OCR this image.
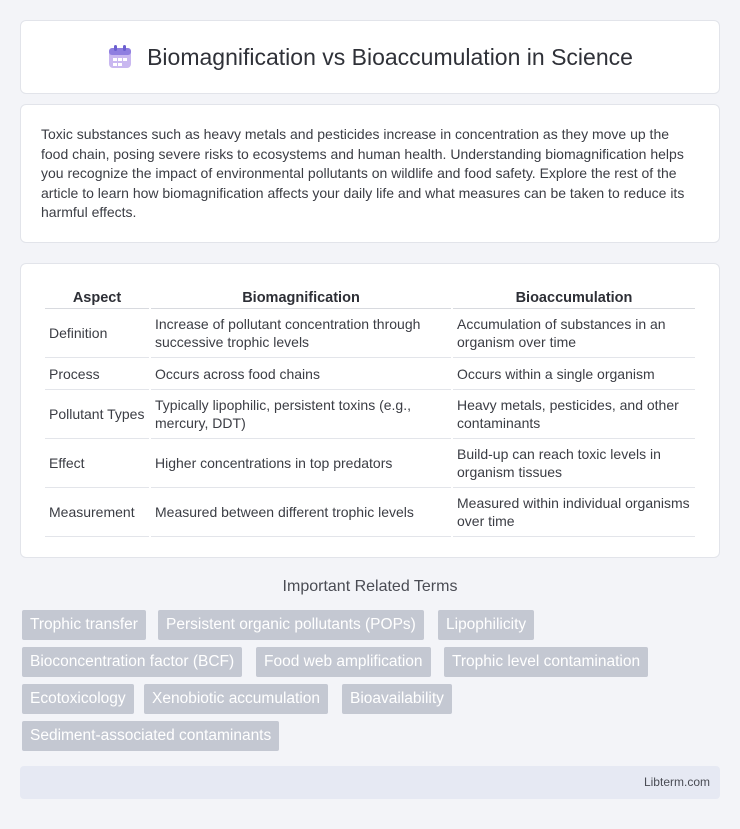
Biomagnification vs Bioaccumulation in Science

Toxic substances such as heavy metals and pesticides increase in concentration as they move up the food chain, posing severe risks to ecosystems and human health. Understanding biomagnification helps you recognize the impact of environmental pollutants on wildlife and food safety. Explore the rest of the article to learn how biomagnification affects your daily life and what measures can be taken to reduce its harmful effects.

Aspect	Biomagnification	Bioaccumulation
Definition	Increase of pollutant concentration through successive trophic levels	Accumulation of substances in an organism over time
Process	Occurs across food chains	Occurs within a single organism
Pollutant Types	Typically lipophilic, persistent toxins (e.g., mercury, DDT)	Heavy metals, pesticides, and other contaminants
Effect	Higher concentrations in top predators	Build-up can reach toxic levels in organism tissues
Measurement	Measured between different trophic levels	Measured within individual organisms over time
Important Related Terms
Trophic transfer	Persistent organic pollutants (POPs)	Lipophilicity
Bioconcentration factor (BCF)	Food web amplification	Trophic level contamination
Ecotoxicology	Xenobiotic accumulation	Bioavailability
Sediment-associated contaminants
Libterm.com
